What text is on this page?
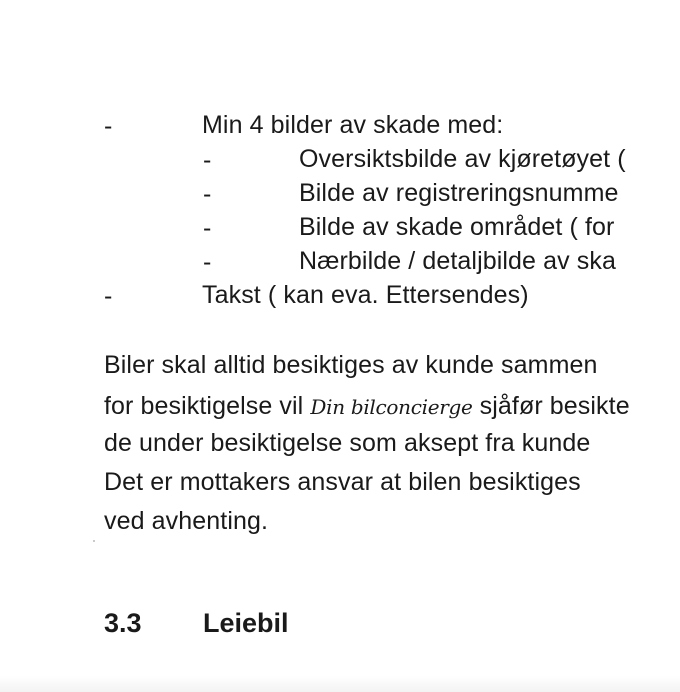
-	Min 4 bilder av skade med:
-	Oversiktsbilde av kjøretøyet (
-	Bilde av registreringsnumme
-	Bilde av skade området ( for
-	Nærbilde / detaljbilde av ska
-	Takst ( kan eva. Ettersendes)
Biler skal alltid besiktiges av kunde sammen
for besiktigelse vil Din bilconcierge sjåfør besikte
de under besiktigelse som aksept fra kunde
Det er mottakers ansvar at bilen besiktiges
ved avhenting.
3.3 Leiebil
